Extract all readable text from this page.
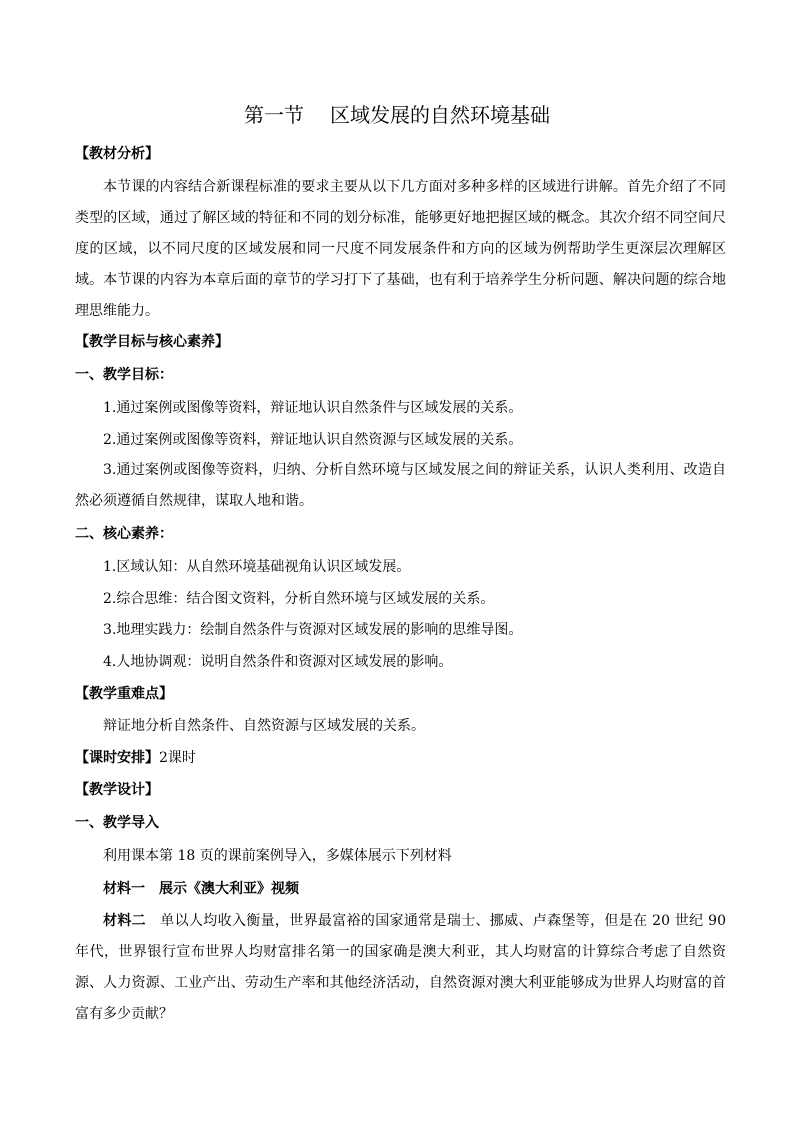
第一节 区域发展的自然环境基础
【教材分析】
本节课的内容结合新课程标准的要求主要从以下几方面对多种多样的区域进行讲解。首先介绍了不同类型的区域，通过了解区域的特征和不同的划分标准，能够更好地把握区域的概念。其次介绍不同空间尺度的区域，以不同尺度的区域发展和同一尺度不同发展条件和方向的区域为例帮助学生更深层次理解区域。本节课的内容为本章后面的章节的学习打下了基础，也有利于培养学生分析问题、解决问题的综合地理思维能力。
【教学目标与核心素养】
一、教学目标：
1.通过案例或图像等资料，辩证地认识自然条件与区域发展的关系。
2.通过案例或图像等资料，辩证地认识自然资源与区域发展的关系。
3.通过案例或图像等资料，归纳、分析自然环境与区域发展之间的辩证关系，认识人类利用、改造自然必须遵循自然规律，谋取人地和谐。
二、核心素养：
1.区域认知：从自然环境基础视角认识区域发展。
2.综合思维：结合图文资料，分析自然环境与区域发展的关系。
3.地理实践力：绘制自然条件与资源对区域发展的影响的思维导图。
4.人地协调观：说明自然条件和资源对区域发展的影响。
【教学重难点】
辩证地分析自然条件、自然资源与区域发展的关系。
【课时安排】2课时
【教学设计】
一、教学导入
利用课本第 18 页的课前案例导入，多媒体展示下列材料
材料一 展示《澳大利亚》视频
材料二 单以人均收入衡量，世界最富裕的国家通常是瑞士、挪威、卢森堡等，但是在 20 世纪 90 年代，世界银行宣布世界人均财富排名第一的国家确是澳大利亚，其人均财富的计算综合考虑了自然资源、人力资源、工业产出、劳动生产率和其他经济活动，自然资源对澳大利亚能够成为世界人均财富的首富有多少贡献？
